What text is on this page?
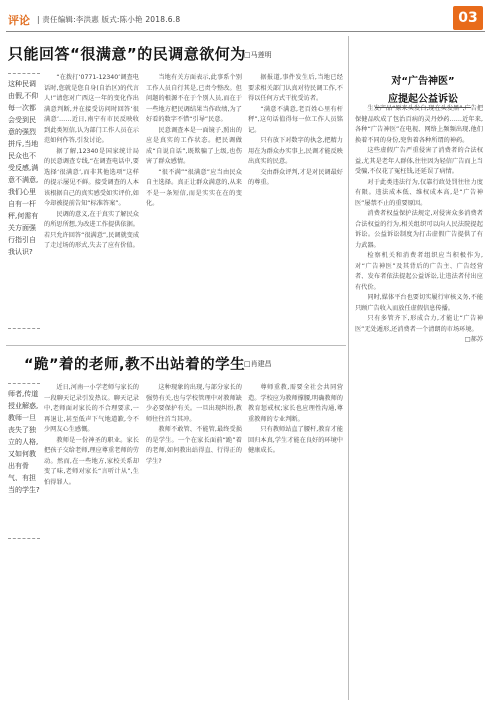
评论 | 责任编辑:李洪惠 版式:陈小艳 2018.6.8	03
只能回答“很满意”的民调意欲何为
□马莲明
这种民调由假,不仰每一次都会受到民意的强烈拼斥,当地民众也不受反感,满意不满意,我们心里自有一杆秤,何需有关方面强行指引自我认识?

“在拨打‘0771-12340’调查电话时,您就是您自身(自治区)的代言人!”请您对广西这一年的变化作出满意判断,并在接受访问时回答‘很满意’……近日,南宁有市民反映收到此类短信,认为部门工作人员在示范如何作答,引发讨论。

据了解,12340是国家统计局的民意调查专线,“在调查电话中,要选择‘很满意’,而非其他选项”这样的提示屡见不鲜。接受调查的人本该根据自己的真实感受如实评价,如今却被提前告知“标准答案”。

民调的意义,在于真实了解民众的所思所想,为改进工作提供依据。若只允许回答“很满意”,民调就变成了走过场的形式,失去了应有价值。

当地有关方面表示,此事系个别工作人员自行其是,已责令整改。但问题的根源不在于个别人员,而在于一些地方把民调结果当作政绩,为了好看的数字不惜“引导”民意。

民意调查本是一面镜子,照出的应是真实的工作状态。把民调做成“自说自话”,既欺骗了上级,也伤害了群众感情。

“很不满”“很满意”应当由民众自主选择。真正让群众满意的,从来不是一条短信,而是实实在在的变化。

据报道,事件发生后,当地已经要求相关部门认真对待民调工作,不得以任何方式干扰受访者。

“满意不满意,老百姓心里有杆秤”,这句话值得每一位工作人员铭记。

只有放下对数字的执念,把精力用在为群众办实事上,民调才能反映出真实的民意。

交由群众评判,才是对民调最好的尊重。

“跪”着的老师,教不出站着的学生
□肖建昌
师者,传道授业解惑,教师一旦丧失了独立的人格,又如何教出有骨气、有担当的学生?

近日,河南一小学老师与家长的一段聊天记录引发热议。聊天记录中,老师面对家长的不合理要求,一再退让,甚至低声下气地道歉,令不少网友心生感慨。

教师是一份神圣的职业。家长把孩子交给老师,理应尊重老师的劳动。然而,在一些地方,家校关系却变了味,老师对家长“言听计从”,生怕得罪人。

这种现象的出现,与部分家长的强势有关,也与学校管理中对教师缺少必要保护有关。一旦出现纠纷,教师往往首当其冲。

教师不敢管、不能管,最终受损的是学生。一个在家长面前“跪”着的老师,如何教出站得直、行得正的学生?

尊师重教,需要全社会共同营造。学校应为教师撑腰,明确教师的教育惩戒权;家长也应理性沟通,尊重教师的专业判断。

只有教师站直了腰杆,教育才能回归本真,学生才能在良好的环境中健康成长。

对“广告神医”
应提起公益诉讼

生发产品“原来头发白,现在头发黑”,广告把保健品吹成了包治百病的灵丹妙药……近年来,各种“广告神医”在电视、网络上频频出现,他们换着不同的身份,兜售着各种所谓的神药。

这些虚假广告严重侵害了消费者的合法权益,尤其是老年人群体,往往因为轻信广告而上当受骗,不仅花了冤枉钱,还延误了病情。

对于此类违法行为,仅靠行政处罚往往力度有限。违法成本低、维权成本高,是“广告神医”屡禁不止的重要原因。

消费者权益保护法规定,对侵害众多消费者合法权益的行为,相关组织可以向人民法院提起诉讼。公益诉讼制度为打击虚假广告提供了有力武器。

检察机关和消费者组织应当积极作为,对“广告神医”及其背后的广告主、广告经营者、发布者依法提起公益诉讼,让违法者付出应有代价。

同时,媒体平台也要切实履行审核义务,不能只顾广告收入而放任虚假信息传播。

只有多管齐下,形成合力,才能让“广告神医”无处遁形,还消费者一个清朗的市场环境。

□郝苏
